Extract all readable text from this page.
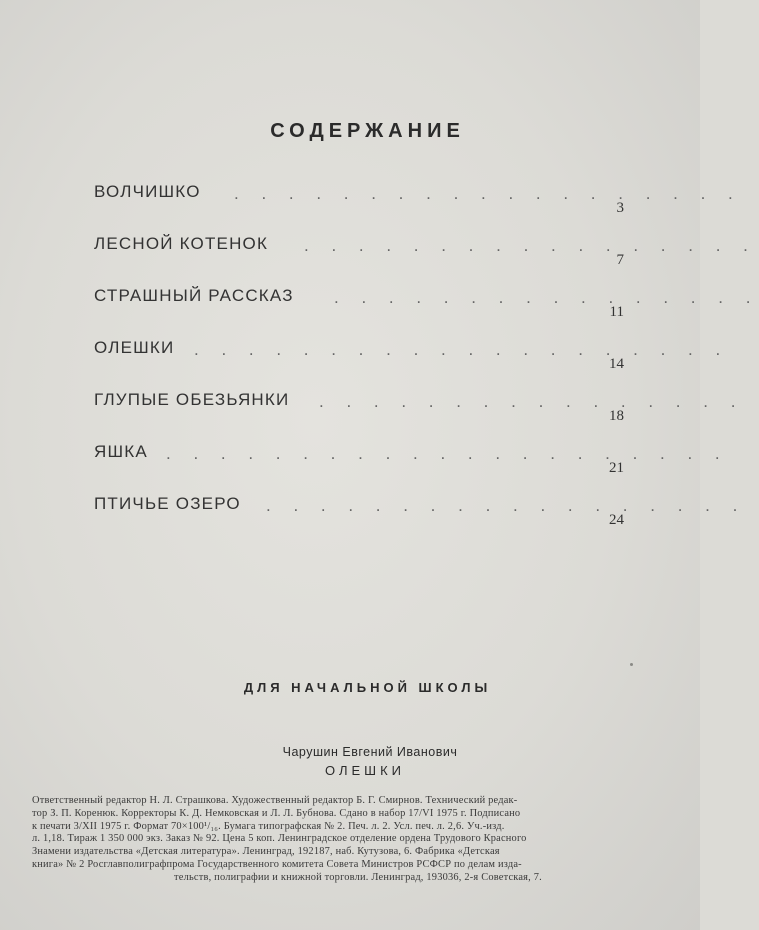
СОДЕРЖАНИЕ
ВОЛЧИШКО . . . . . . . . . . . . . . . . . . .
3
ЛЕСНОЙ КОТЕНОК . . . . . . . . . . . . . . . . .
7
СТРАШНЫЙ РАССКАЗ . . . . . . . . . . . . . . . .
11
ОЛЕШКИ . . . . . . . . . . . . . . . . . . . .
14
ГЛУПЫЕ ОБЕЗЬЯНКИ . . . . . . . . . . . . . . . .
18
ЯШКА . . . . . . . . . . . . . . . . . . . . .
21
ПТИЧЬЕ ОЗЕРО . . . . . . . . . . . . . . . . . .
24
ДЛЯ НАЧАЛЬНОЙ ШКОЛЫ
Чарушин Евгений Иванович
ОЛЕШКИ
Ответственный редактор Н. Л. Страшкова. Художественный редактор Б. Г. Смирнов. Технический редак-
тор З. П. Коренюк. Корректоры К. Д. Немковская и Л. Л. Бубнова. Сдано в набор 17/VI 1975 г. Подписано
к печати 3/XII 1975 г. Формат 70×100¹/₁₆. Бумага типографская № 2. Печ. л. 2. Усл. печ. л. 2,6. Уч.-изд.
л. 1,18. Тираж 1 350 000 экз. Заказ № 92. Цена 5 коп. Ленинградское отделение ордена Трудового Красного
Знамени издательства «Детская литература». Ленинград, 192187, наб. Кутузова, 6. Фабрика «Детская
книга» № 2 Росглавполиграфпрома Государственного комитета Совета Министров РСФСР по делам изда-
тельств, полиграфии и книжной торговли. Ленинград, 193036, 2-я Советская, 7.
